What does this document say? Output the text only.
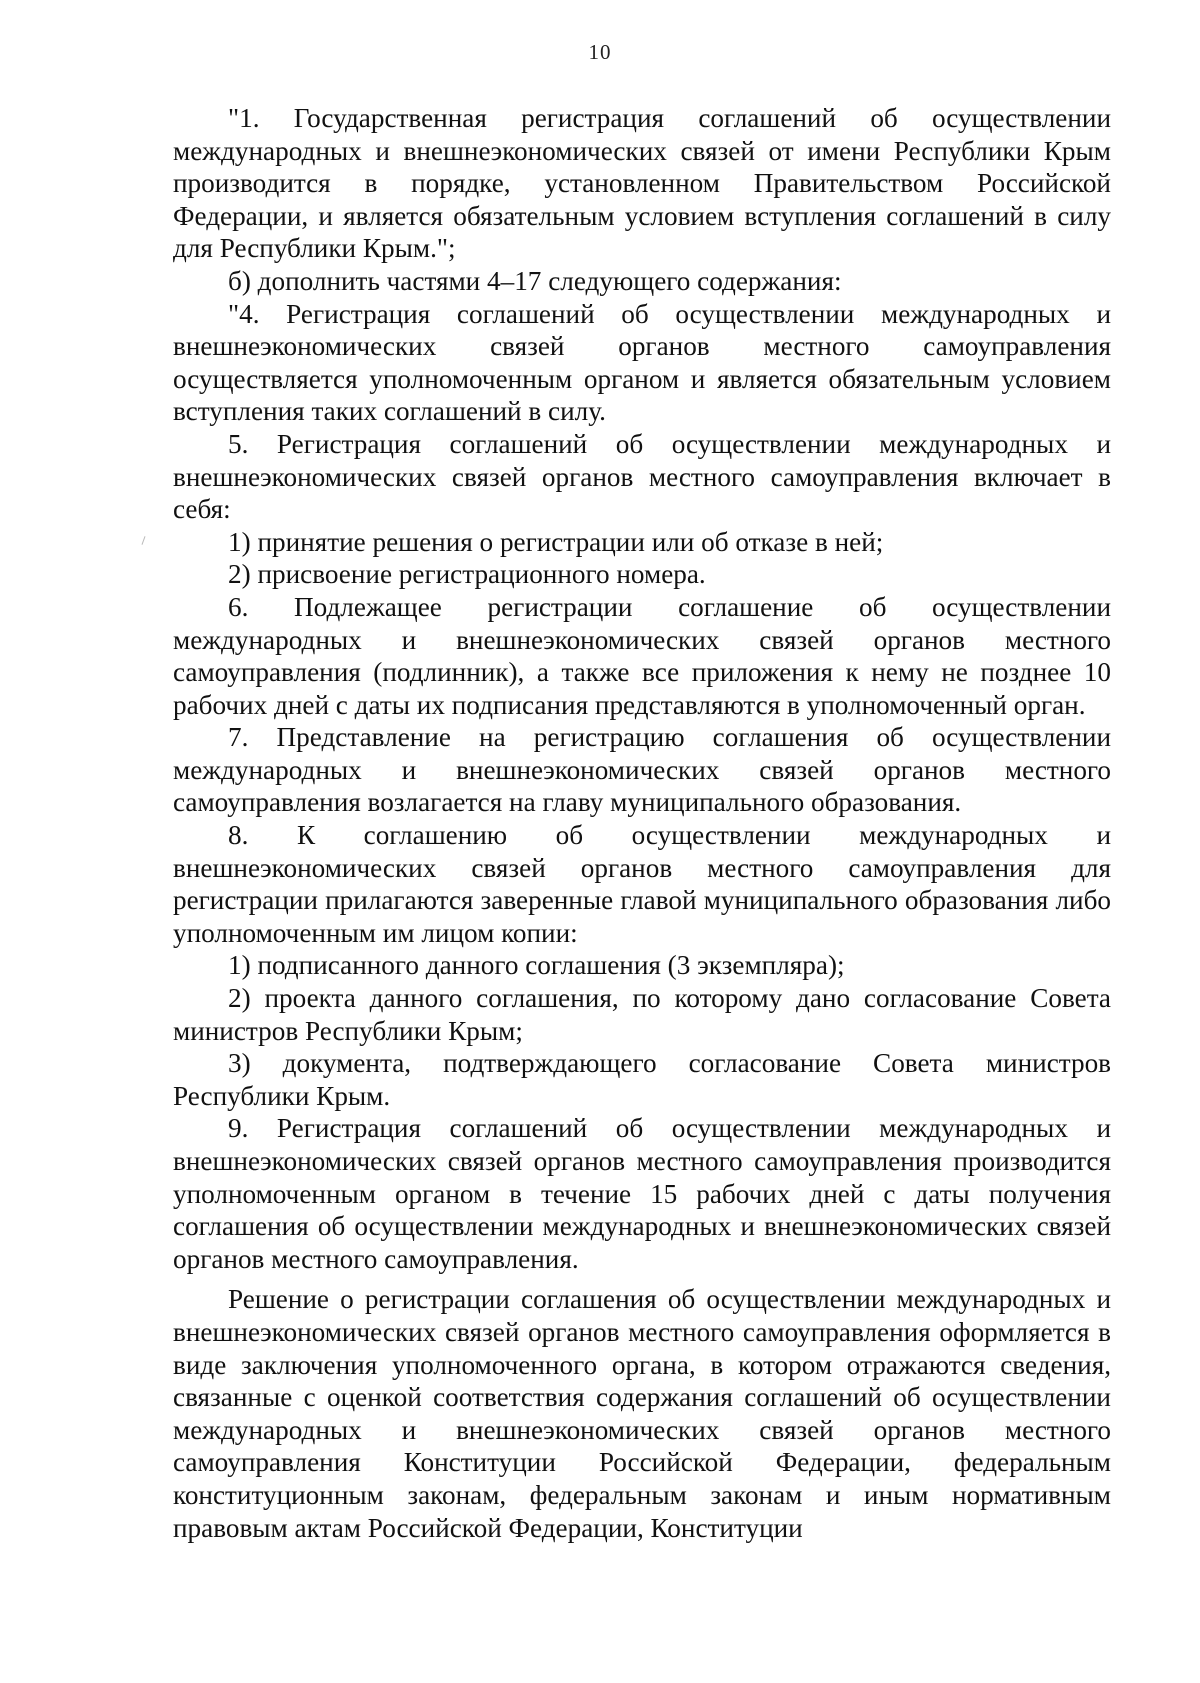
10

"1. Государственная регистрация соглашений об осуществлении международных и внешнеэкономических связей от имени Республики Крым производится в порядке, установленном Правительством Российской Федерации, и является обязательным условием вступления соглашений в силу для Республики Крым.";

б) дополнить частями 4–17 следующего содержания:

"4. Регистрация соглашений об осуществлении международных и внешнеэкономических связей органов местного самоуправления осуществляется уполномоченным органом и является обязательным условием вступления таких соглашений в силу.

5. Регистрация соглашений об осуществлении международных и внешнеэкономических связей органов местного самоуправления включает в себя:

1) принятие решения о регистрации или об отказе в ней;

2) присвоение регистрационного номера.

6. Подлежащее регистрации соглашение об осуществлении международных и внешнеэкономических связей органов местного самоуправления (подлинник), а также все приложения к нему не позднее 10 рабочих дней с даты их подписания представляются в уполномоченный орган.

7. Представление на регистрацию соглашения об осуществлении международных и внешнеэкономических связей органов местного самоуправления возлагается на главу муниципального образования.

8. К соглашению об осуществлении международных и внешнеэкономических связей органов местного самоуправления для регистрации прилагаются заверенные главой муниципального образования либо уполномоченным им лицом копии:

1) подписанного данного соглашения (3 экземпляра);

2) проекта данного соглашения, по которому дано согласование Совета министров Республики Крым;

3) документа, подтверждающего согласование Совета министров Республики Крым.

9. Регистрация соглашений об осуществлении международных и внешнеэкономических связей органов местного самоуправления производится уполномоченным органом в течение 15 рабочих дней с даты получения соглашения об осуществлении международных и внешнеэкономических связей органов местного самоуправления.

Решение о регистрации соглашения об осуществлении международных и внешнеэкономических связей органов местного самоуправления оформляется в виде заключения уполномоченного органа, в котором отражаются сведения, связанные с оценкой соответствия содержания соглашений об осуществлении международных и внешнеэкономических связей органов местного самоуправления Конституции Российской Федерации, федеральным конституционным законам, федеральным законам и иным нормативным правовым актам Российской Федерации, Конституции
